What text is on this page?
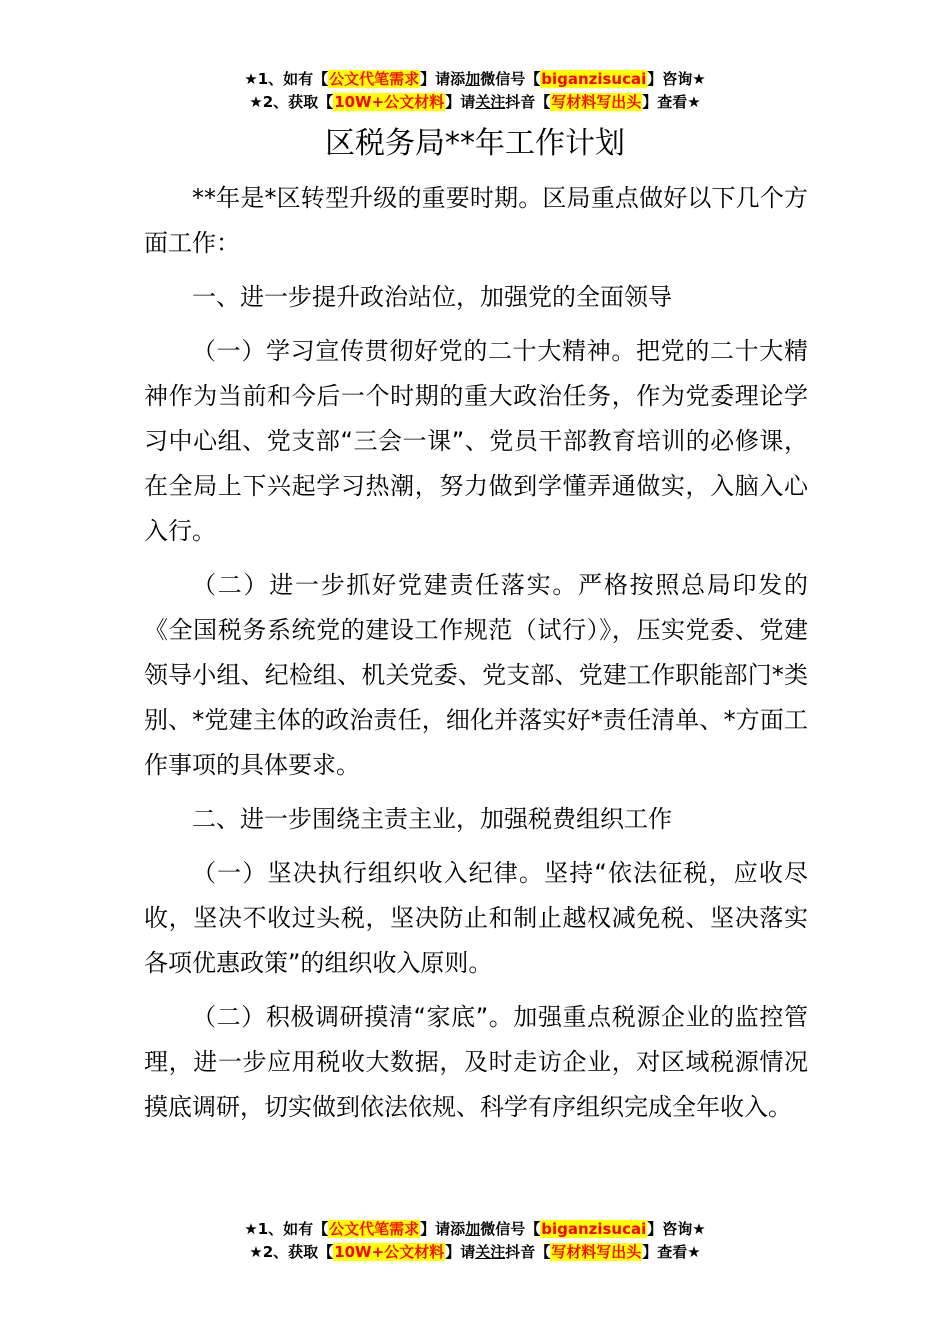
★1、如有【公文代笔需求】请添加微信号【biganzisucai】咨询★
★2、获取【10W+公文材料】请关注抖音【写材料写出头】查看★
区税务局**年工作计划

**年是*区转型升级的重要时期。区局重点做好以下几个方面工作：

一、进一步提升政治站位，加强党的全面领导

（一）学习宣传贯彻好党的二十大精神。把党的二十大精神作为当前和今后一个时期的重大政治任务，作为党委理论学习中心组、党支部“三会一课”、党员干部教育培训的必修课，在全局上下兴起学习热潮，努力做到学懂弄通做实，入脑入心入行。

（二）进一步抓好党建责任落实。严格按照总局印发的《全国税务系统党的建设工作规范（试行）》，压实党委、党建领导小组、纪检组、机关党委、党支部、党建工作职能部门*类别、*党建主体的政治责任，细化并落实好*责任清单、*方面工作事项的具体要求。

二、进一步围绕主责主业，加强税费组织工作

（一）坚决执行组织收入纪律。坚持“依法征税，应收尽收，坚决不收过头税，坚决防止和制止越权减免税、坚决落实各项优惠政策”的组织收入原则。

（二）积极调研摸清“家底”。加强重点税源企业的监控管理，进一步应用税收大数据，及时走访企业，对区域税源情况摸底调研，切实做到依法依规、科学有序组织完成全年收入。

★1、如有【公文代笔需求】请添加微信号【biganzisucai】咨询★
★2、获取【10W+公文材料】请关注抖音【写材料写出头】查看★
